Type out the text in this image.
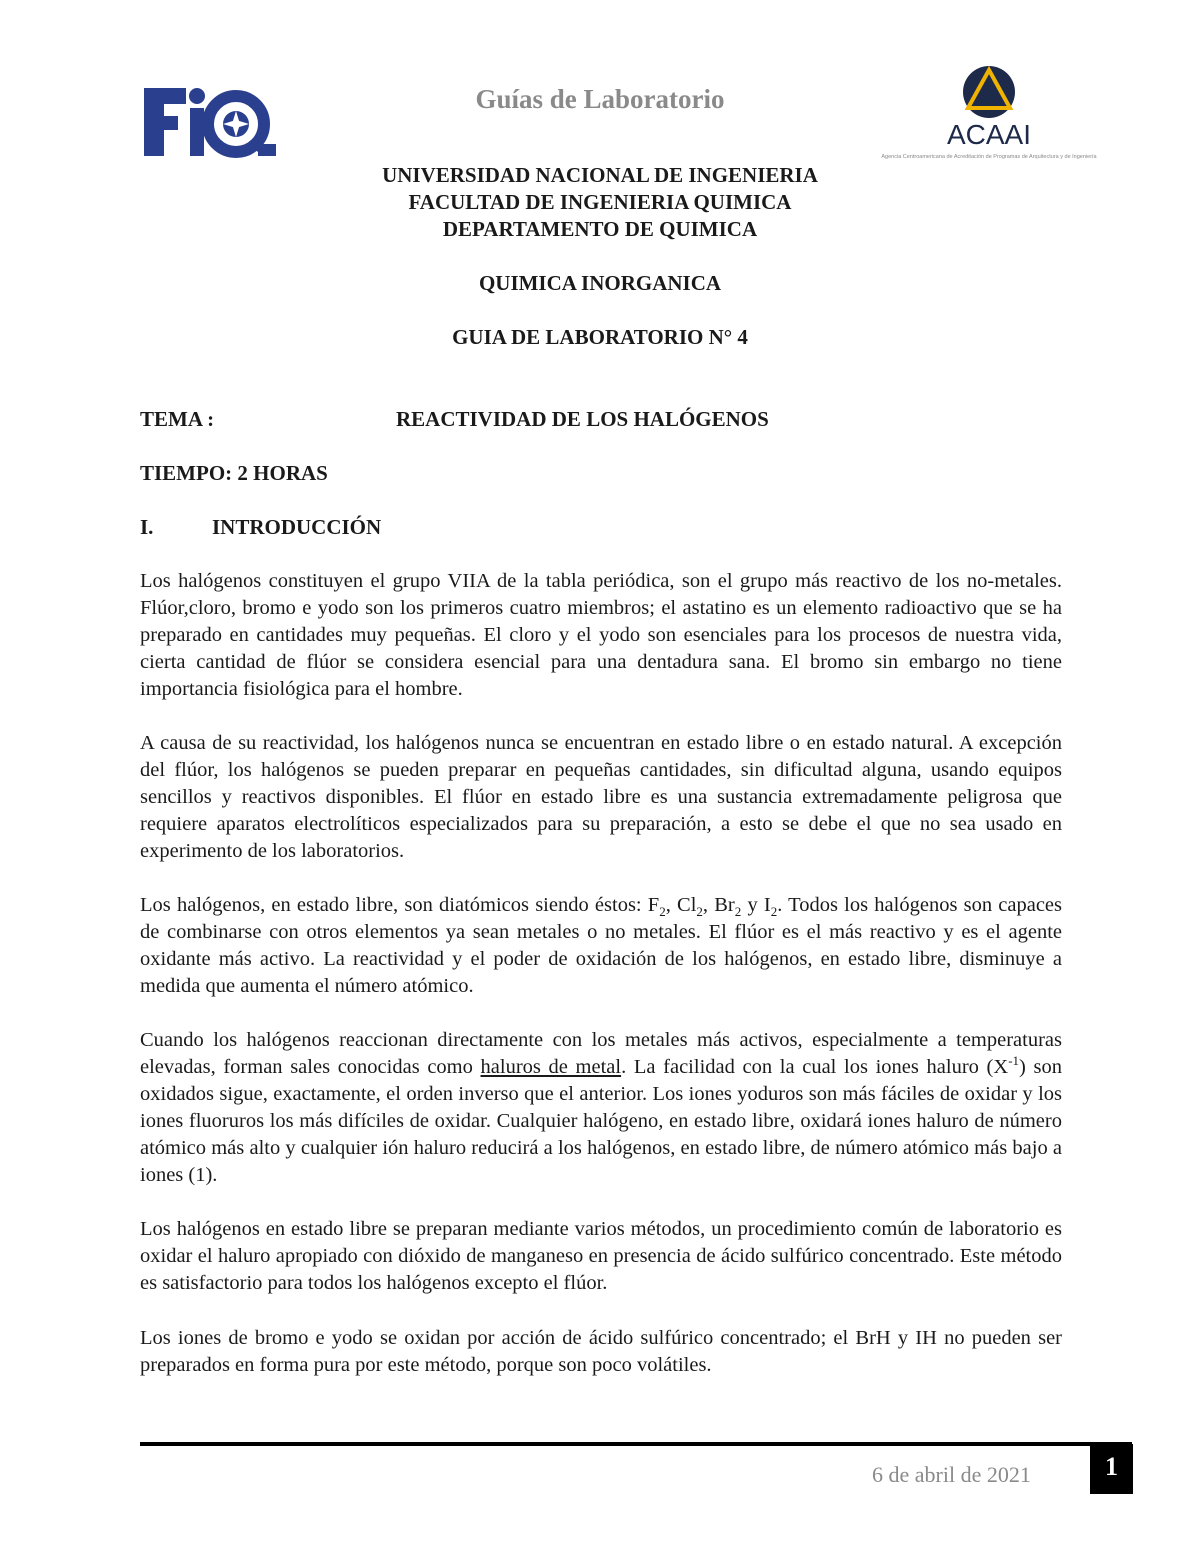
Guías de Laboratorio
ACAAI
Agencia Centroamericana de Acreditación de Programas de Arquitectura y de Ingeniería
UNIVERSIDAD NACIONAL DE INGENIERIA
FACULTAD DE INGENIERIA QUIMICA
DEPARTAMENTO DE QUIMICA
QUIMICA INORGANICA
GUIA DE LABORATORIO N° 4
TEMA :	REACTIVIDAD DE LOS HALÓGENOS
TIEMPO: 2 HORAS
I.	INTRODUCCIÓN

Los halógenos constituyen el grupo VIIA de la tabla periódica, son el grupo más reactivo de los no-metales. Flúor,cloro, bromo e yodo son los primeros cuatro miembros; el astatino es un elemento radioactivo que se ha preparado en cantidades muy pequeñas. El cloro y el yodo son esenciales para los procesos de nuestra vida, cierta cantidad de flúor se considera esencial para una dentadura sana. El bromo sin embargo no tiene importancia fisiológica para el hombre.

A causa de su reactividad, los halógenos nunca se encuentran en estado libre o en estado natural. A excepción del flúor, los halógenos se pueden preparar en pequeñas cantidades, sin dificultad alguna, usando equipos sencillos y reactivos disponibles. El flúor en estado libre es una sustancia extremadamente peligrosa que requiere aparatos electrolíticos especializados para su preparación, a esto se debe el que no sea usado en experimento de los laboratorios.

Los halógenos, en estado libre, son diatómicos siendo éstos: $F_2$, $Cl_2$, $Br_2$ y $I_2$. Todos los halógenos son capaces de combinarse con otros elementos ya sean metales o no metales. El flúor es el más reactivo y es el agente oxidante más activo. La reactividad y el poder de oxidación de los halógenos, en estado libre, disminuye a medida que aumenta el número atómico.

Cuando los halógenos reaccionan directamente con los metales más activos, especialmente a temperaturas elevadas, forman sales conocidas como haluros de metal. La facilidad con la cual los iones haluro $(X^{-1})$ son oxidados sigue, exactamente, el orden inverso que el anterior. Los iones yoduros son más fáciles de oxidar y los iones fluoruros los más difíciles de oxidar. Cualquier halógeno, en estado libre, oxidará iones haluro de número atómico más alto y cualquier ión haluro reducirá a los halógenos, en estado libre, de número atómico más bajo a iones (1).

Los halógenos en estado libre se preparan mediante varios métodos, un procedimiento común de laboratorio es oxidar el haluro apropiado con dióxido de manganeso en presencia de ácido sulfúrico concentrado. Este método es satisfactorio para todos los halógenos excepto el flúor.

Los iones de bromo e yodo se oxidan por acción de ácido sulfúrico concentrado; el BrH y IH no pueden ser preparados en forma pura por este método, porque son poco volátiles.

6 de abril de 2021	1
